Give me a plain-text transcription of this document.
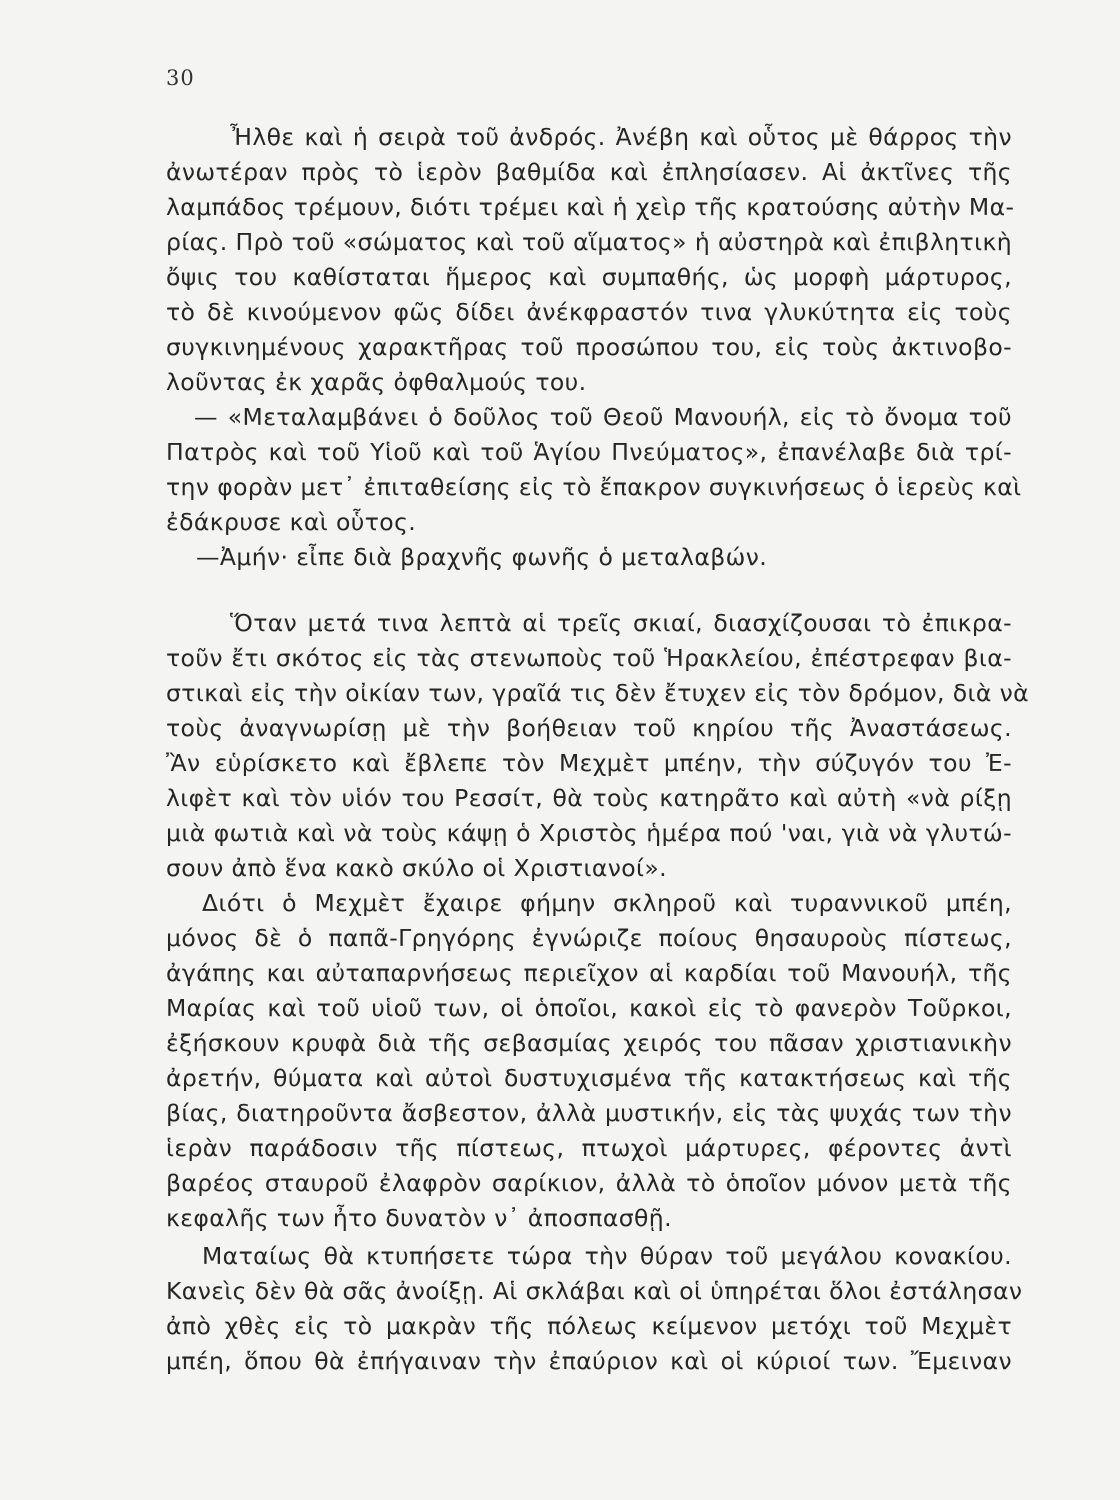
30
Ἦλθε καὶ ἡ σειρὰ τοῦ ἀνδρός. Ἀνέβη καὶ οὗτος μὲ θάρρος τὴν
ἀνωτέραν πρὸς τὸ ἱερὸν βαθμίδα καὶ ἐπλησίασεν. Αἱ ἀκτῖνες τῆς
λαμπάδος τρέμουν, διότι τρέμει καὶ ἡ χεὶρ τῆς κρατούσης αὐτὴν Μα-
ρίας. Πρὸ τοῦ «σώματος καὶ τοῦ αἵματος» ἡ αὐστηρὰ καὶ ἐπιβλητικὴ
ὄψις του καθίσταται ἥμερος καὶ συμπαθής, ὡς μορφὴ μάρτυρος,
τὸ δὲ κινούμενον φῶς δίδει ἀνέκφραστόν τινα γλυκύτητα εἰς τοὺς
συγκινημένους χαρακτῆρας τοῦ προσώπου του, εἰς τοὺς ἀκτινοβο-
λοῦντας ἐκ χαρᾶς ὀφθαλμούς του.
— «Μεταλαμβάνει ὁ δοῦλος τοῦ Θεοῦ Μανουήλ, εἰς τὸ ὄνομα τοῦ
Πατρὸς καὶ τοῦ Υἱοῦ καὶ τοῦ Ἁγίου Πνεύματος», ἐπανέλαβε διὰ τρί-
την φορὰν μετ᾽ ἐπιταθείσης εἰς τὸ ἔπακρον συγκινήσεως ὁ ἱερεὺς καὶ
ἐδάκρυσε καὶ οὗτος.
—Ἀμήν· εἶπε διὰ βραχνῆς φωνῆς ὁ μεταλαβών.
Ὅταν μετά τινα λεπτὰ αἱ τρεῖς σκιαί, διασχίζουσαι τὸ ἐπικρα-
τοῦν ἔτι σκότος εἰς τὰς στενωποὺς τοῦ Ἡρακλείου, ἐπέστρεφαν βια-
στικαὶ εἰς τὴν οἰκίαν των, γραῖά τις δὲν ἔτυχεν εἰς τὸν δρόμον, διὰ νὰ
τοὺς ἀναγνωρίσῃ μὲ τὴν βοήθειαν τοῦ κηρίου τῆς Ἀναστάσεως.
Ἂν εὑρίσκετο καὶ ἔβλεπε τὸν Μεχμὲτ μπέην, τὴν σύζυγόν του Ἐ-
λιφὲτ καὶ τὸν υἱόν του Ρεσσίτ, θὰ τοὺς κατηρᾶτο καὶ αὐτὴ «νὰ ρίξῃ
μιὰ φωτιὰ καὶ νὰ τοὺς κάψῃ ὁ Χριστὸς ἡμέρα πού 'ναι, γιὰ νὰ γλυτώ-
σουν ἀπὸ ἕνα κακὸ σκύλο οἱ Χριστιανοί».
Διότι ὁ Μεχμὲτ ἔχαιρε φήμην σκληροῦ καὶ τυραννικοῦ μπέη,
μόνος δὲ ὁ παπᾶ-Γρηγόρης ἐγνώριζε ποίους θησαυροὺς πίστεως,
ἀγάπης και αὐταπαρνήσεως περιεῖχον αἱ καρδίαι τοῦ Μανουήλ, τῆς
Μαρίας καὶ τοῦ υἱοῦ των, οἱ ὁποῖοι, κακοὶ εἰς τὸ φανερὸν Τοῦρκοι,
ἐξήσκουν κρυφὰ διὰ τῆς σεβασμίας χειρός του πᾶσαν χριστιανικὴν
ἀρετήν, θύματα καὶ αὐτοὶ δυστυχισμένα τῆς κατακτήσεως καὶ τῆς
βίας, διατηροῦντα ἄσβεστον, ἀλλὰ μυστικήν, εἰς τὰς ψυχάς των τὴν
ἱερὰν παράδοσιν τῆς πίστεως, πτωχοὶ μάρτυρες, φέροντες ἀντὶ
βαρέος σταυροῦ ἐλαφρὸν σαρίκιον, ἀλλὰ τὸ ὁποῖον μόνον μετὰ τῆς
κεφαλῆς των ἦτο δυνατὸν ν᾽ ἀποσπασθῇ.
Ματαίως θὰ κτυπήσετε τώρα τὴν θύραν τοῦ μεγάλου κονακίου.
Κανεὶς δὲν θὰ σᾶς ἀνοίξῃ. Αἱ σκλάβαι καὶ οἱ ὑπηρέται ὅλοι ἐστάλησαν
ἀπὸ χθὲς εἰς τὸ μακρὰν τῆς πόλεως κείμενον μετόχι τοῦ Μεχμὲτ
μπέη, ὅπου θὰ ἐπήγαιναν τὴν ἐπαύριον καὶ οἱ κύριοί των. Ἔμειναν
